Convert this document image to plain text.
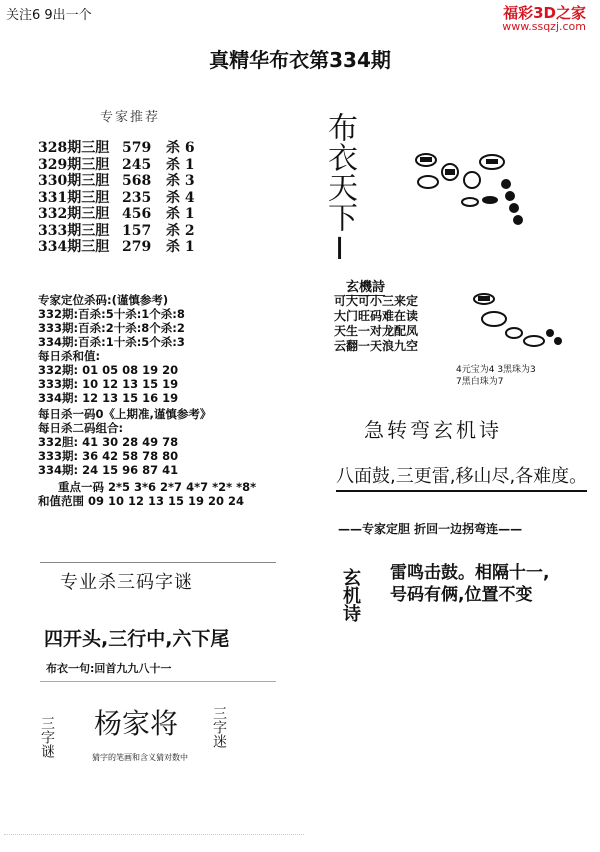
关注6 9出一个	福彩3D之家
www.ssqzj.com
真精华布衣第334期
专家推荐
328期三胆 579 杀 6
329期三胆 245 杀 1
330期三胆 568 杀 3
331期三胆 235 杀 4
332期三胆 456 杀 1
333期三胆 157 杀 2
334期三胆 279 杀 1
专家定位杀码:(谨慎参考)
332期:百杀:5十杀:1个杀:8
333期:百杀:2十杀:8个杀:2
334期:百杀:1十杀:5个杀:3
每日杀和值:
332期: 01 05 08 19 20
333期: 10 12 13 15 19
334期: 12 13 15 16 19
每日杀一码0《上期准,谨慎参考》
每日杀二码组合:
332胆: 41 30 28 49 78
333期: 36 42 58 78 80
334期: 24 15 96 87 41
重点一码 2*5 3*6 2*7 4*7 *2* *8*
和值范围 09 10 12 13 15 19 20 24
专业杀三码字谜
四开头,三行中,六下尾
布衣一句:回首九九八十一
三字谜 杨家将
猜字的笔画和含义猜对数中
三字迷
布衣天下I
玄機詩
可大可小三来定
大门旺码难在读
天生一对龙配凤
云翻一天浪九空
4元宝为4 3黑珠为3
7黑白珠为7
急转弯玄机诗
八面鼓,三更雷,移山尽,各难度。
——专家定胆 折回一边拐弯连——
玄机诗 雷鸣击鼓。相隔十一,
号码有俩,位置不变
